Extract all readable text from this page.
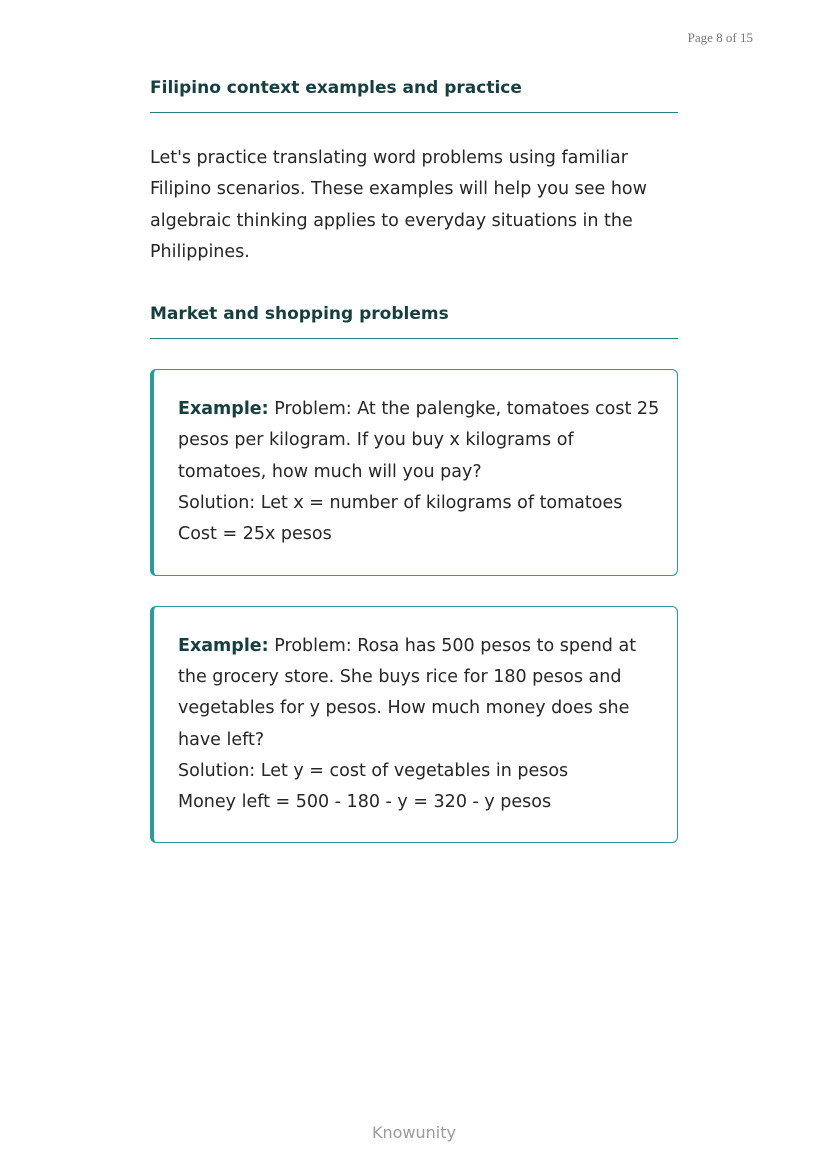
Page 8 of 15
Filipino context examples and practice

Let's practice translating word problems using familiar Filipino scenarios. These examples will help you see how algebraic thinking applies to everyday situations in the Philippines.

Market and shopping problems
Example: Problem: At the palengke, tomatoes cost 25 pesos per kilogram. If you buy x kilograms of tomatoes, how much will you pay?
Solution: Let x = number of kilograms of tomatoes
Cost = 25x pesos
Example: Problem: Rosa has 500 pesos to spend at the grocery store. She buys rice for 180 pesos and vegetables for y pesos. How much money does she have left?
Solution: Let y = cost of vegetables in pesos
Money left = 500 - 180 - y = 320 - y pesos
Knowunity
